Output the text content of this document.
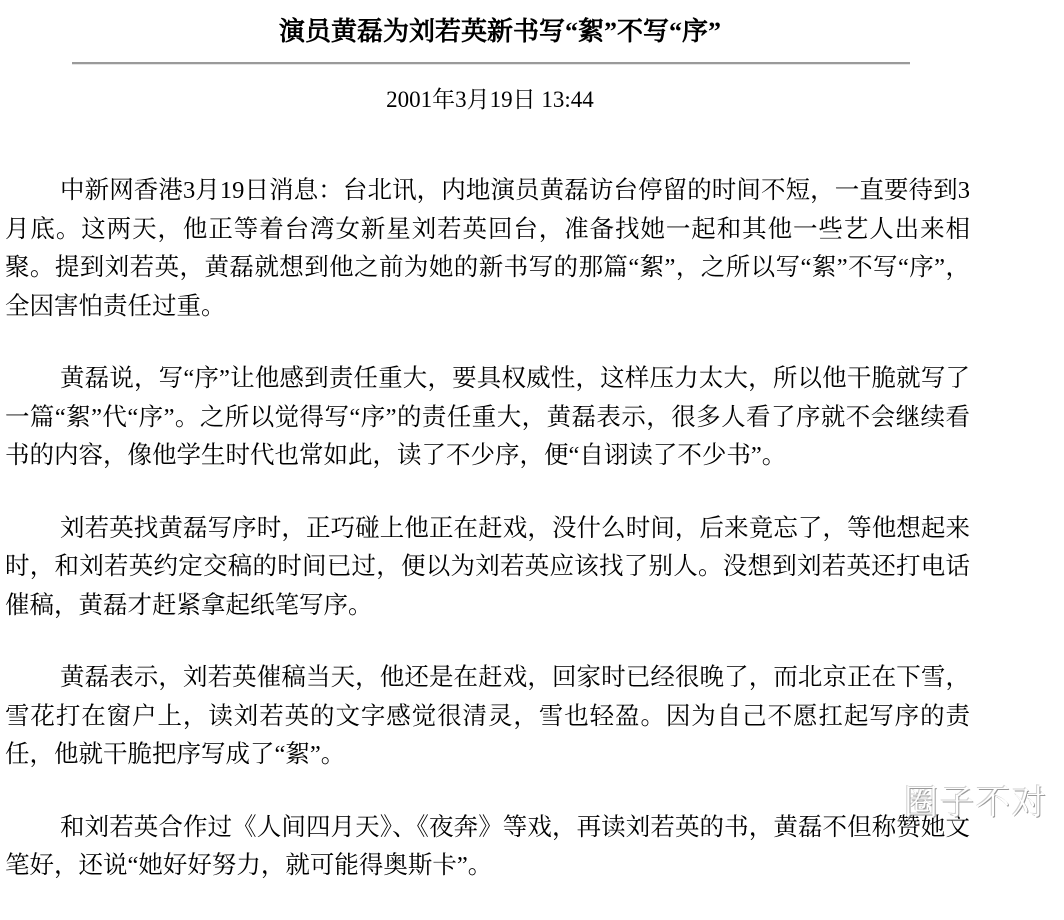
演员黄磊为刘若英新书写“絮”不写“序”
2001年3月19日 13:44

中新网香港3月19日消息：台北讯，内地演员黄磊访台停留的时间不短，一直要待到3月底。这两天，他正等着台湾女新星刘若英回台，准备找她一起和其他一些艺人出来相聚。提到刘若英，黄磊就想到他之前为她的新书写的那篇“絮”，之所以写“絮”不写“序”，全因害怕责任过重。

黄磊说，写“序”让他感到责任重大，要具权威性，这样压力太大，所以他干脆就写了一篇“絮”代“序”。之所以觉得写“序”的责任重大，黄磊表示，很多人看了序就不会继续看书的内容，像他学生时代也常如此，读了不少序，便“自诩读了不少书”。

刘若英找黄磊写序时，正巧碰上他正在赶戏，没什么时间，后来竟忘了，等他想起来时，和刘若英约定交稿的时间已过，便以为刘若英应该找了别人。没想到刘若英还打电话催稿，黄磊才赶紧拿起纸笔写序。

黄磊表示，刘若英催稿当天，他还是在赶戏，回家时已经很晚了，而北京正在下雪，雪花打在窗户上，读刘若英的文字感觉很清灵，雪也轻盈。因为自己不愿扛起写序的责任，他就干脆把序写成了“絮”。

和刘若英合作过《人间四月天》、《夜奔》等戏，再读刘若英的书，黄磊不但称赞她文笔好，还说“她好好努力，就可能得奥斯卡”。

圈子不对
